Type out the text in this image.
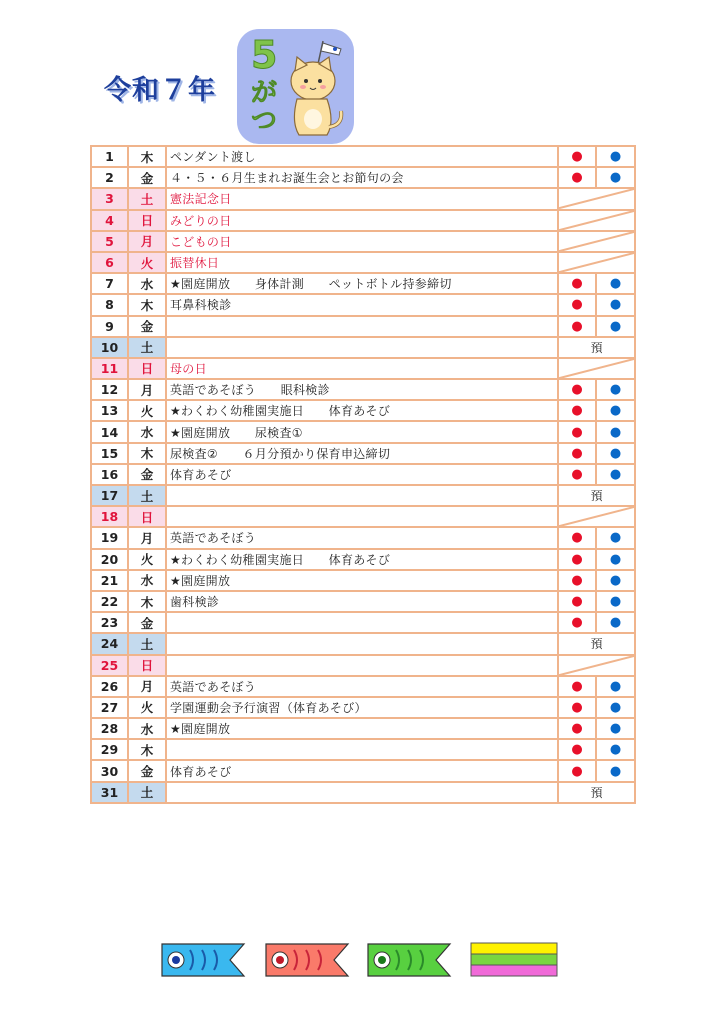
令和７年
5
がつ
1	木	ペンダント渡し	●	●
2	金	４・５・６月生まれお誕生会とお節句の会	●	●
3	土	憲法記念日	

4	日	みどりの日	

5	月	こどもの日	

6	火	振替休日	

7	水	★園庭開放　　身体計測　　ペットボトル持参締切	●	●
8	木	耳鼻科検診	●	●
9	金		●	●
10	土		預	
11	日	母の日	

12	月	英語であそぼう　　眼科検診	●	●
13	火	★わくわく幼稚園実施日　　体育あそび	●	●
14	水	★園庭開放　　尿検査①	●	●
15	木	尿検査②　　６月分預かり保育申込締切	●	●
16	金	体育あそび	●	●
17	土		預	
18	日		

19	月	英語であそぼう	●	●
20	火	★わくわく幼稚園実施日　　体育あそび	●	●
21	水	★園庭開放	●	●
22	木	歯科検診	●	●
23	金		●	●
24	土		預	
25	日		

26	月	英語であそぼう	●	●
27	火	学園運動会予行演習（体育あそび）	●	●
28	水	★園庭開放	●	●
29	木		●	●
30	金	体育あそび	●	●
31	土		預	
